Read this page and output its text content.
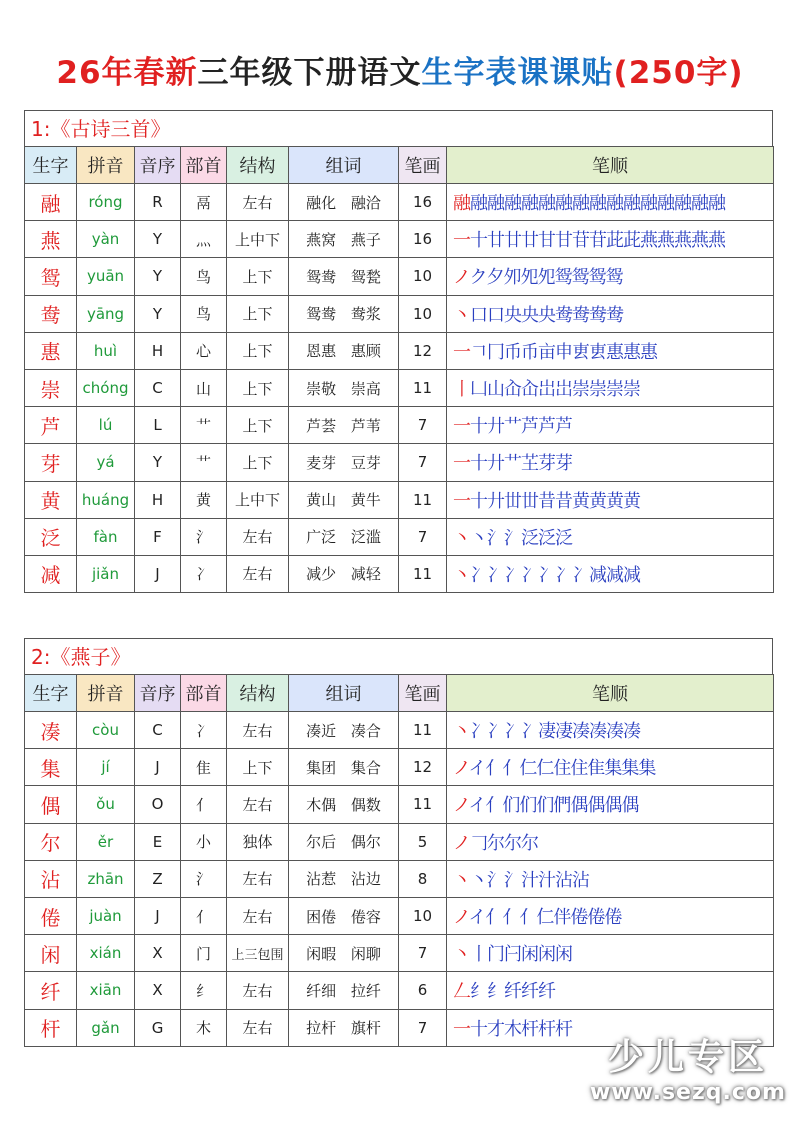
26年春新三年级下册语文生字表课课贴(250字)
1:《古诗三首》
生字	拼音	音序	部首	结构	组词	笔画	笔顺
融	róng	R	鬲	左右	融化 融洽	16	融融融融融融融融融融融融融融融融
燕	yàn	Y	灬	上中下	燕窝 燕子	16	一十廿廿廿甘甘苷苷茈茈燕燕燕燕燕
鸳	yuān	Y	鸟	上下	鸳鸯 鸳甃	10	ノク夕夘夗夗鸳鸳鸳鸳
鸯	yāng	Y	鸟	上下	鸳鸯 鸯浆	10	丶口口央央央鸯鸯鸯鸯
惠	huì	H	心	上下	恩惠 惠顾	12	一𠃍冂币币亩申叀叀惠惠惠
崇	chóng	C	山	上下	崇敬 崇高	11	丨凵山屳屳岀岀崇崇崇崇
芦	lú	L	艹	上下	芦荟 芦苇	7	一十廾艹芦芦芦
芽	yá	Y	艹	上下	麦芽 豆芽	7	一十廾艹芏芽芽
黄	huáng	H	黄	上中下	黄山 黄牛	11	一十廾丗丗昔昔黄黄黄黄
泛	fàn	F	氵	左右	广泛 泛滥	7	丶丶氵氵泛泛泛
减	jiǎn	J	冫	左右	减少 减轻	11	丶冫冫冫冫冫冫冫减减减
2:《燕子》
生字	拼音	音序	部首	结构	组词	笔画	笔顺
凑	còu	C	冫	左右	凑近 凑合	11	丶冫冫冫冫凄凄凑凑凑凑
集	jí	J	隹	上下	集团 集合	12	ノイ亻亻仁仁住住隹集集集
偶	ǒu	O	亻	左右	木偶 偶数	11	ノイ亻们们们們偶偶偶偶
尔	ěr	E	小	独体	尔后 偶尔	5	ノ𠃌尔尔尔
沾	zhān	Z	氵	左右	沾惹 沾边	8	丶丶氵氵汁汁沾沾
倦	juàn	J	亻	左右	困倦 倦容	10	ノイ亻亻亻仁伴倦倦倦
闲	xián	X	门	上三包围	闲暇 闲聊	7	丶丨门闩闲闲闲
纤	xiān	X	纟	左右	纤细 拉纤	6	𠃋纟纟纤纤纤
杆	gǎn	G	木	左右	拉杆 旗杆	7	一十才木杆杆杆
少儿专区
www.sezq.com
